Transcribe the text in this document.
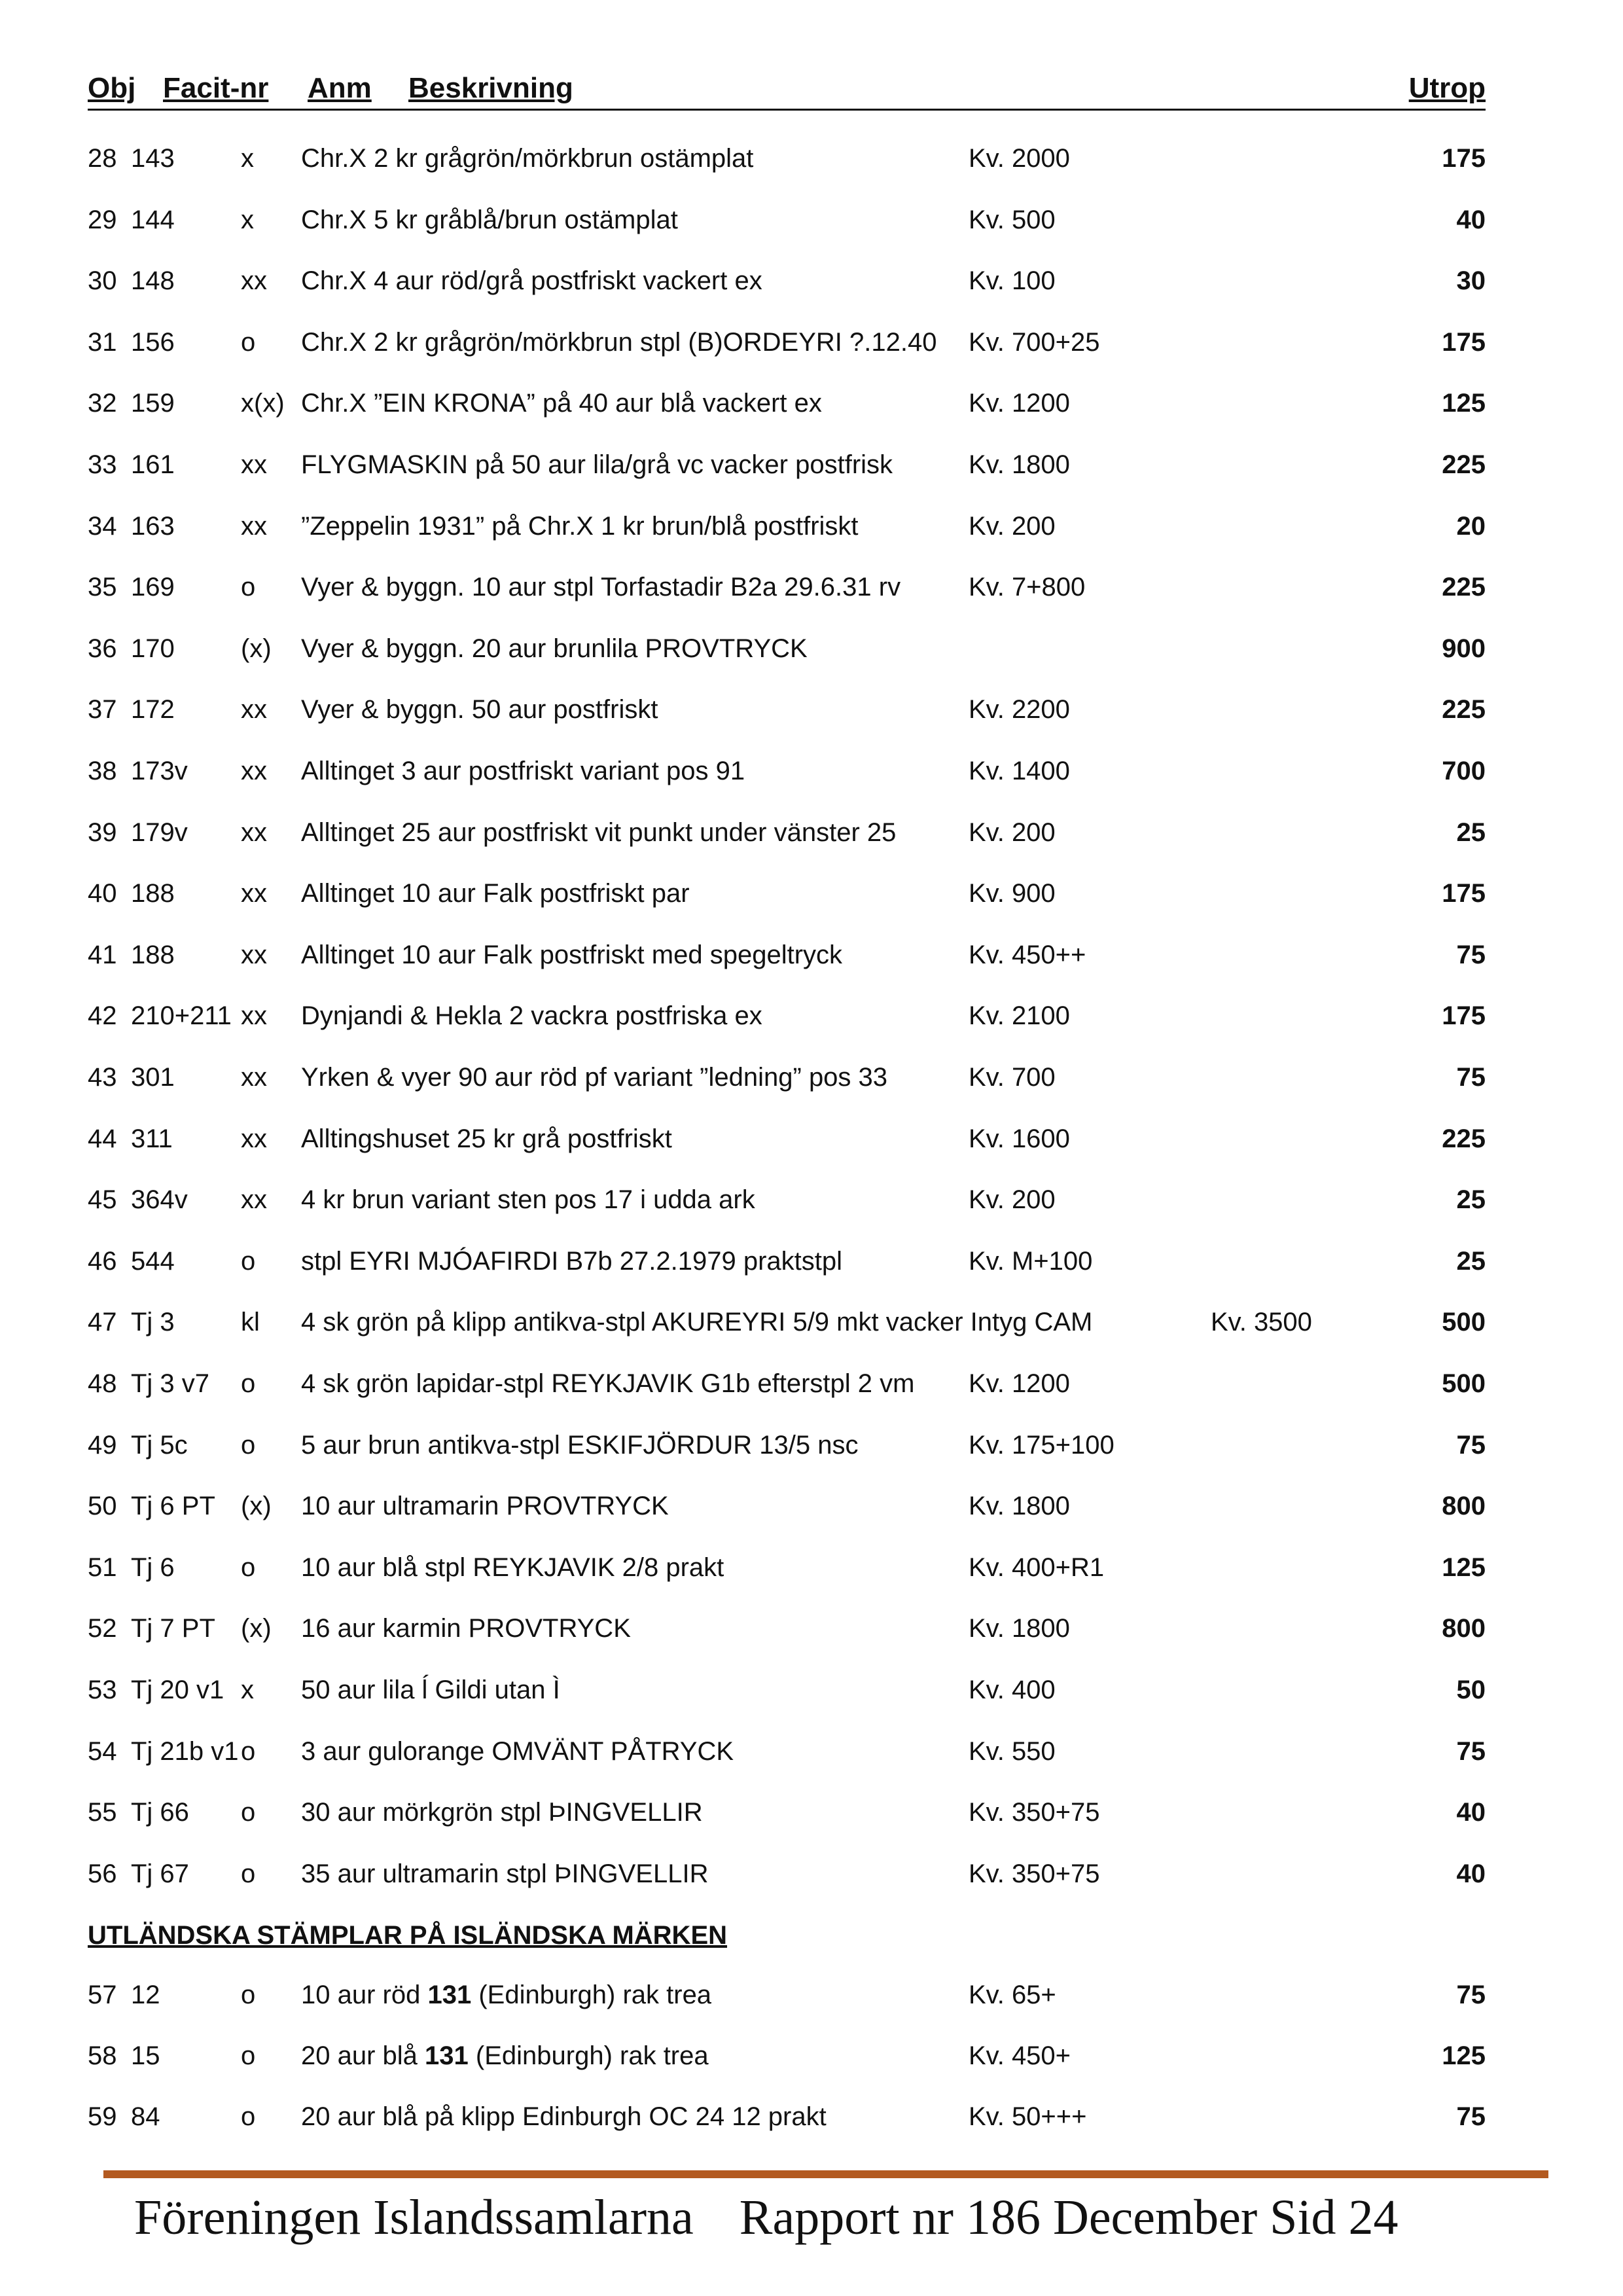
Obj Facit-nr Anm Beskrivning	Utrop
28 143	x Chr.X 2 kr grågrön/mörkbrun ostämplat	Kv. 2000	175
29 144	x Chr.X 5 kr gråblå/brun ostämplat	Kv. 500	40
30 148	xx Chr.X 4 aur röd/grå postfriskt vackert ex	Kv. 100	30
31 156	o Chr.X 2 kr grågrön/mörkbrun stpl (B)ORDEYRI ?.12.40 Kv. 700+25	175
32 159	x(x) Chr.X ”EIN KRONA” på 40 aur blå vackert ex	Kv. 1200	125
33 161	xx FLYGMASKIN på 50 aur lila/grå vc vacker postfrisk	Kv. 1800	225
34 163	xx ”Zeppelin 1931” på Chr.X 1 kr brun/blå postfriskt	Kv. 200	20
35 169	o Vyer & byggn. 10 aur stpl Torfastadir B2a 29.6.31 rv	Kv. 7+800	225
36 170	(x) Vyer & byggn. 20 aur brunlila PROVTRYCK	900
37 172	xx Vyer & byggn. 50 aur postfriskt	Kv. 2200	225
38 173v xx Alltinget 3 aur postfriskt variant pos 91	Kv. 1400	700
39 179v xx Alltinget 25 aur postfriskt vit punkt under vänster 25	Kv. 200	25
40 188	xx Alltinget 10 aur Falk postfriskt par	Kv. 900	175
41 188	xx Alltinget 10 aur Falk postfriskt med spegeltryck	Kv. 450++	75
42 210+211 xx Dynjandi & Hekla 2 vackra postfriska ex	Kv. 2100	175
43 301	xx Yrken & vyer 90 aur röd pf variant ”ledning” pos 33	Kv. 700	75
44 311	xx Alltingshuset 25 kr grå postfriskt	Kv. 1600	225
45 364v xx 4 kr brun variant sten pos 17 i udda ark	Kv. 200	25
46 544	o stpl EYRI MJÓAFIRDI B7b 27.2.1979 praktstpl	Kv. M+100	25
47 Tj 3	kl 4 sk grön på klipp antikva-stpl AKUREYRI 5/9 mkt vacker Intyg CAM	Kv. 3500	500
48 Tj 3 v7 o 4 sk grön lapidar-stpl REYKJAVIK G1b efterstpl 2 vm Kv. 1200	500
49 Tj 5c o 5 aur brun antikva-stpl ESKIFJÖRDUR 13/5 nsc	Kv. 175+100	75
50 Tj 6 PT (x) 10 aur ultramarin PROVTRYCK	Kv. 1800	800
51 Tj 6	o 10 aur blå stpl REYKJAVIK 2/8 prakt	Kv. 400+R1	125
52 Tj 7 PT (x) 16 aur karmin PROVTRYCK	Kv. 1800	800
53 Tj 20 v1 x 50 aur lila ĺ Gildi utan Ì	Kv. 400	50
54 Tj 21b v1 o 3 aur gulorange OMVÄNT PÅTRYCK	Kv. 550	75
55 Tj 66 o 30 aur mörkgrön stpl ÞINGVELLIR	Kv. 350+75	40
56 Tj 67 o 35 aur ultramarin stpl ÞINGVELLIR	Kv. 350+75	40
UTLÄNDSKA STÄMPLAR PÅ ISLÄNDSKA MÄRKEN
57 12	o 10 aur röd 131 (Edinburgh) rak trea	Kv. 65+	75
58 15	o 20 aur blå 131 (Edinburgh) rak trea	Kv. 450+	125
59 84	o 20 aur blå på klipp Edinburgh OC 24 12 prakt	Kv. 50+++	75
Föreningen Islandssamlarna Rapport nr 186 December Sid 24
